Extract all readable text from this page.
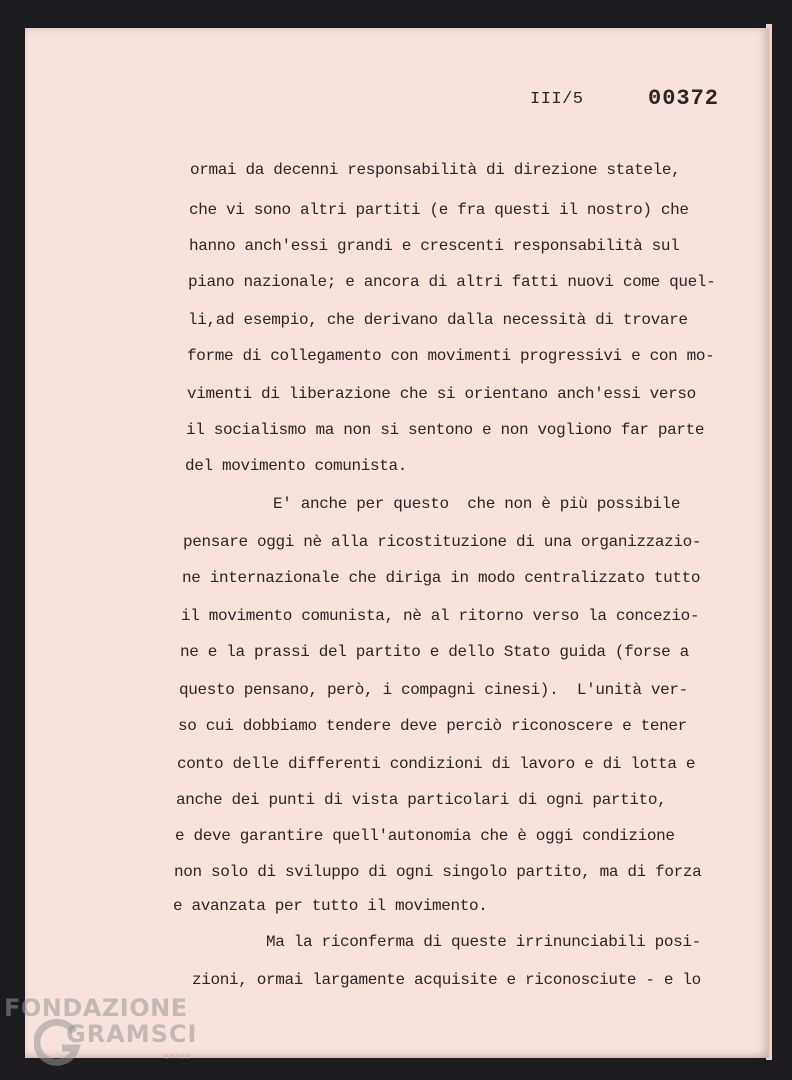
III/5	00372
ormai da decenni responsabilità di direzione statele,
che vi sono altri partiti (e fra questi il nostro) che
hanno anch'essi grandi e crescenti responsabilità sul
piano nazionale; e ancora di altri fatti nuovi come quel-
li,ad esempio, che derivano dalla necessità di trovare
forme di collegamento con movimenti progressivi e con mo-
vimenti di liberazione che si orientano anch'essi verso
il socialismo ma non si sentono e non vogliono far parte
del movimento comunista.
E' anche per questo  che non è più possibile
pensare oggi nè alla ricostituzione di una organizzazio-
ne internazionale che diriga in modo centralizzato tutto
il movimento comunista, nè al ritorno verso la concezio-
ne e la prassi del partito e dello Stato guida (forse a
questo pensano, però, i compagni cinesi).  L'unità ver-
so cui dobbiamo tendere deve perciò riconoscere e tener
conto delle differenti condizioni di lavoro e di lotta e
anche dei punti di vista particolari di ogni partito,
e deve garantire quell'autonomia che è oggi condizione
non solo di sviluppo di ogni singolo partito, ma di forza
e avanzata per tutto il movimento.
Ma la riconferma di queste irrinunciabili posi-
zioni, ormai largamente acquisite e riconosciute - e lo
FONDAZIONE
GRAMSCI
onlus
